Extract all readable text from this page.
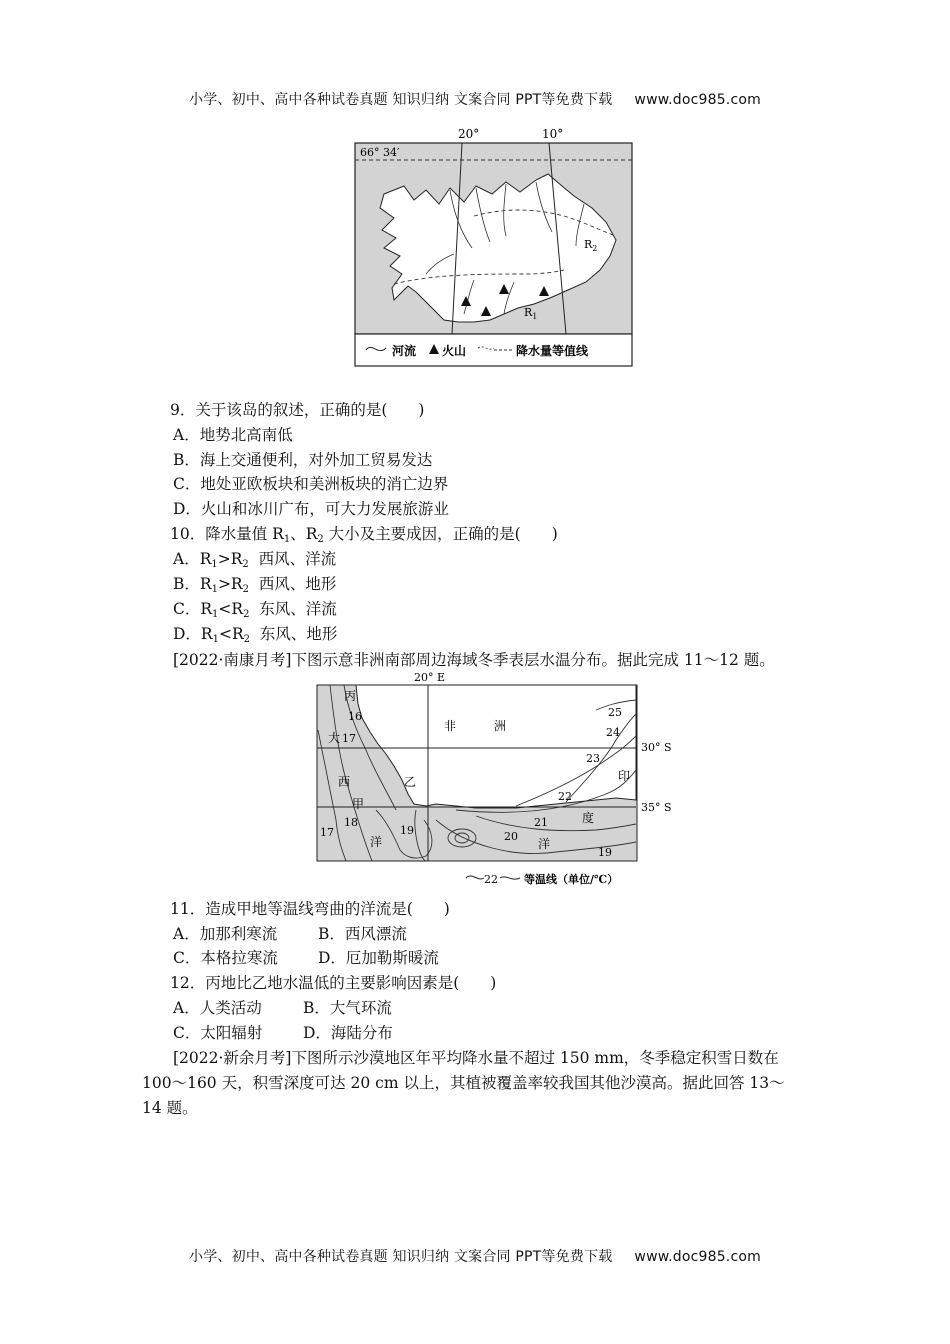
小学、初中、高中各种试卷真题 知识归纳 文案合同 PPT等免费下载 www.doc985.com
20°	10°
66° 34′
$R_1$
$R_2$
河流 火山	降水量等值线
9．关于该岛的叙述，正确的是(　　)
A．地势北高南低
B．海上交通便利，对外加工贸易发达
C．地处亚欧板块和美洲板块的消亡边界
D．火山和冰川广布，可大力发展旅游业
10．降水量值 $R_1$、$R_2$ 大小及主要成因，正确的是(　　)
A．$R_1>R_2$  西风、洋流
B．$R_1>R_2$  西风、地形
C．$R_1<R_2$  东风、洋流
D．$R_1<R_2$  东风、地形
[2022·南康月考]下图示意非洲南部周边海域冬季表层水温分布。据此完成 11～12 题。
20° E
30° S
35° S
丙
16
大 17
西	乙
甲
17
18
洋
19	20
洋
19
21	度
22
23
印
24
25
非	洲
22 等温线（单位/℃）
11．造成甲地等温线弯曲的洋流是(　　)
A．加那利寒流	B．西风漂流
C．本格拉寒流	D．厄加勒斯暖流
12．丙地比乙地水温低的主要影响因素是(　　)
A．人类活动	B．大气环流
C．太阳辐射	D．海陆分布
[2022·新余月考]下图所示沙漠地区年平均降水量不超过 150 mm，冬季稳定积雪日数在
100～160 天，积雪深度可达 20 cm 以上，其植被覆盖率较我国其他沙漠高。据此回答 13～
14 题。
小学、初中、高中各种试卷真题 知识归纳 文案合同 PPT等免费下载 www.doc985.com
